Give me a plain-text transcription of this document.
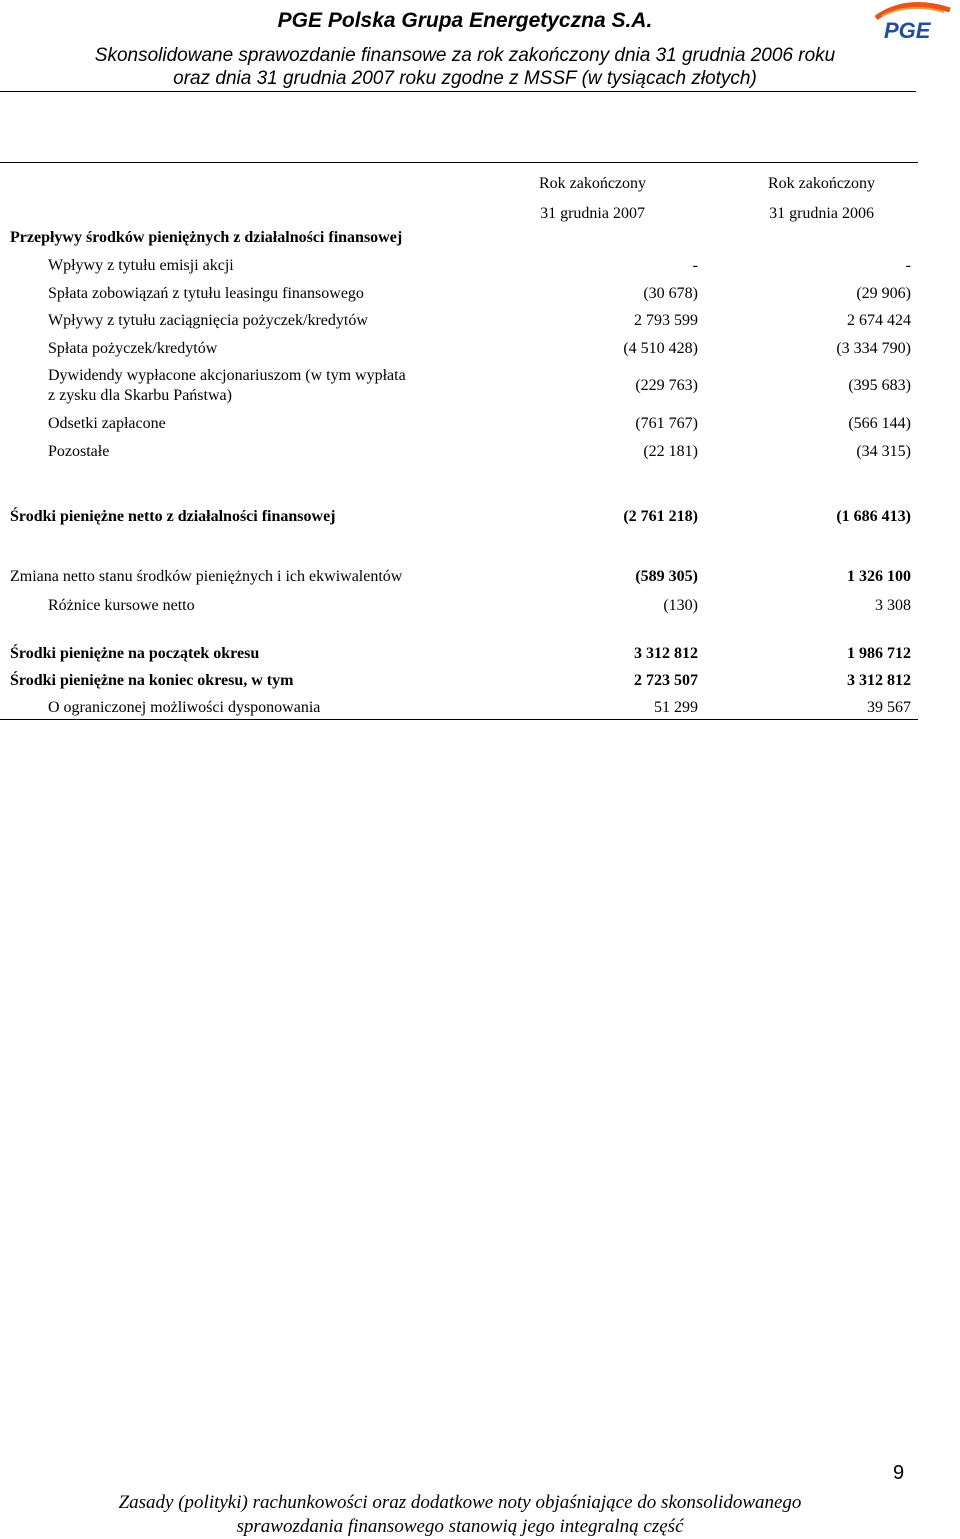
PGE Polska Grupa Energetyczna S.A.
Skonsolidowane sprawozdanie finansowe za rok zakończony dnia 31 grudnia 2006 roku
oraz dnia 31 grudnia 2007 roku zgodne z MSSF (w tysiącach złotych)
PGE
Rok zakończony
31 grudnia 2007
Rok zakończony
31 grudnia 2006
Przepływy środków pieniężnych z działalności finansowej
Wpływy z tytułu emisji akcji	-	-
Spłata zobowiązań z tytułu leasingu finansowego	(30 678)	(29 906)
Wpływy z tytułu zaciągnięcia pożyczek/kredytów	2 793 599	2 674 424
Spłata pożyczek/kredytów	(4 510 428)	(3 334 790)
Dywidendy wypłacone akcjonariuszom (w tym wypłata
z zysku dla Skarbu Państwa)
(229 763)	(395 683)
Odsetki zapłacone	(761 767)	(566 144)
Pozostałe	(22 181)	(34 315)
Środki pieniężne netto z działalności finansowej	(2 761 218)	(1 686 413)
Zmiana netto stanu środków pieniężnych i ich ekwiwalentów	(589 305)	1 326 100
Różnice kursowe netto	(130)	3 308
Środki pieniężne na początek okresu	3 312 812	1 986 712
Środki pieniężne na koniec okresu, w tym	2 723 507	3 312 812
O ograniczonej możliwości dysponowania	51 299	39 567
9
Zasady (polityki) rachunkowości oraz dodatkowe noty objaśniające do skonsolidowanego
sprawozdania finansowego stanowią jego integralną część
